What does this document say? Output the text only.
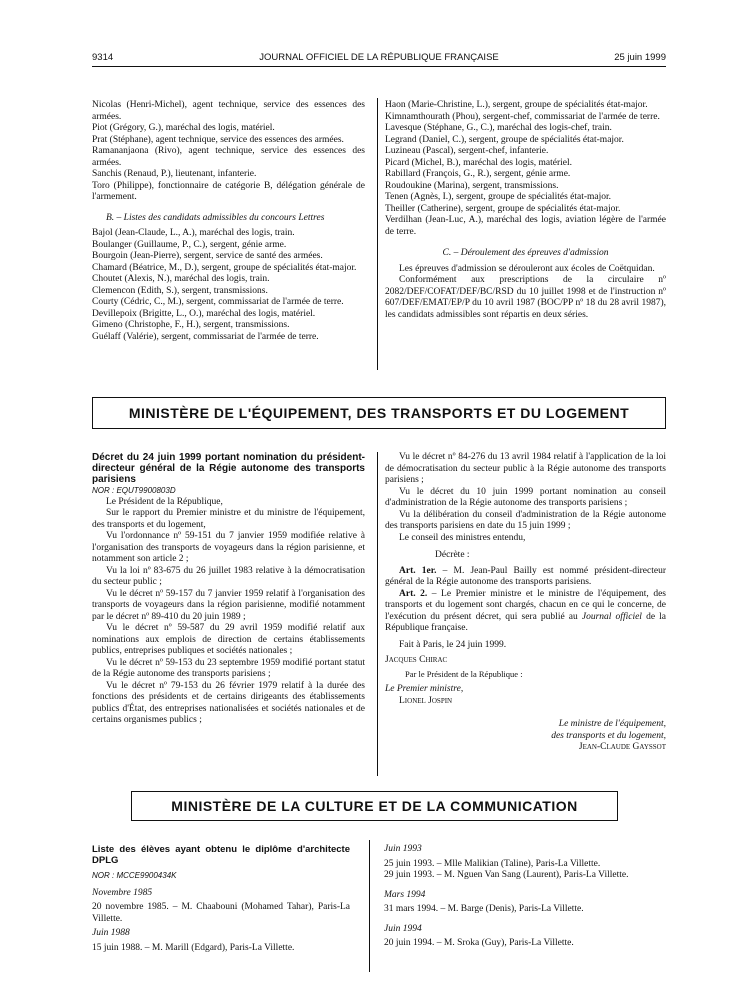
9314	JOURNAL OFFICIEL DE LA RÉPUBLIQUE FRANÇAISE	25 juin 1999

Nicolas (Henri-Michel), agent technique, service des essences des armées.

Piot (Grégory, G.), maréchal des logis, matériel.

Prat (Stéphane), agent technique, service des essences des armées.

Ramananjaona (Rivo), agent technique, service des essences des armées.

Sanchis (Renaud, P.), lieutenant, infanterie.

Toro (Philippe), fonctionnaire de catégorie B, délégation générale de l'armement.

B. – Listes des candidats admissibles du concours Lettres

Bajol (Jean-Claude, L., A.), maréchal des logis, train.

Boulanger (Guillaume, P., C.), sergent, génie arme.

Bourgoin (Jean-Pierre), sergent, service de santé des armées.

Chamard (Béatrice, M., D.), sergent, groupe de spécialités état-major.

Choutet (Alexis, N.), maréchal des logis, train.

Clemencon (Edith, S.), sergent, transmissions.

Courty (Cédric, C., M.), sergent, commissariat de l'armée de terre.

Devillepoix (Brigitte, L., O.), maréchal des logis, matériel.

Gimeno (Christophe, F., H.), sergent, transmissions.

Guélaff (Valérie), sergent, commissariat de l'armée de terre.

Haon (Marie-Christine, L.), sergent, groupe de spécialités état-major.

Kimnamthourath (Phou), sergent-chef, commissariat de l'armée de terre.

Lavesque (Stéphane, G., C.), maréchal des logis-chef, train.

Legrand (Daniel, C.), sergent, groupe de spécialités état-major.

Luzineau (Pascal), sergent-chef, infanterie.

Picard (Michel, B.), maréchal des logis, matériel.

Rabillard (François, G., R.), sergent, génie arme.

Roudoukine (Marina), sergent, transmissions.

Tenen (Agnès, I.), sergent, groupe de spécialités état-major.

Theiller (Catherine), sergent, groupe de spécialités état-major.

Verdilhan (Jean-Luc, A.), maréchal des logis, aviation légère de l'armée de terre.

C. – Déroulement des épreuves d'admission

Les épreuves d'admission se dérouleront aux écoles de Coëtquidan.

Conformément aux prescriptions de la circulaire nº 2082/DEF/COFAT/DEF/BC/RSD du 10 juillet 1998 et de l'instruction nº 607/DEF/EMAT/EP/P du 10 avril 1987 (BOC/PP nº 18 du 28 avril 1987), les candidats admissibles sont répartis en deux séries.

MINISTÈRE DE L'ÉQUIPEMENT, DES TRANSPORTS ET DU LOGEMENT

Décret du 24 juin 1999 portant nomination du président-directeur général de la Régie autonome des transports parisiens

NOR : EQUT9900803D

Le Président de la République,

Sur le rapport du Premier ministre et du ministre de l'équipement, des transports et du logement,

Vu l'ordonnance nº 59-151 du 7 janvier 1959 modifiée relative à l'organisation des transports de voyageurs dans la région parisienne, et notamment son article 2 ;

Vu la loi nº 83-675 du 26 juillet 1983 relative à la démocratisation du secteur public ;

Vu le décret nº 59-157 du 7 janvier 1959 relatif à l'organisation des transports de voyageurs dans la région parisienne, modifié notamment par le décret nº 89-410 du 20 juin 1989 ;

Vu le décret nº 59-587 du 29 avril 1959 modifié relatif aux nominations aux emplois de direction de certains établissements publics, entreprises publiques et sociétés nationales ;

Vu le décret nº 59-153 du 23 septembre 1959 modifié portant statut de la Régie autonome des transports parisiens ;

Vu le décret nº 79-153 du 26 février 1979 relatif à la durée des fonctions des présidents et de certains dirigeants des établissements publics d'État, des entreprises nationalisées et sociétés nationales et de certains organismes publics ;

Vu le décret nº 84-276 du 13 avril 1984 relatif à l'application de la loi de démocratisation du secteur public à la Régie autonome des transports parisiens ;

Vu le décret du 10 juin 1999 portant nomination au conseil d'administration de la Régie autonome des transports parisiens ;

Vu la délibération du conseil d'administration de la Régie autonome des transports parisiens en date du 15 juin 1999 ;

Le conseil des ministres entendu,

Décrète :

Art. 1er. – M. Jean-Paul Bailly est nommé président-directeur général de la Régie autonome des transports parisiens.

Art. 2. – Le Premier ministre et le ministre de l'équipement, des transports et du logement sont chargés, chacun en ce qui le concerne, de l'exécution du présent décret, qui sera publié au Journal officiel de la République française.

Fait à Paris, le 24 juin 1999.

Jacques Chirac

Par le Président de la République :

Le Premier ministre,

Lionel Jospin

Le ministre de l'équipement,

des transports et du logement,

Jean-Claude Gayssot

MINISTÈRE DE LA CULTURE ET DE LA COMMUNICATION

Liste des élèves ayant obtenu le diplôme d'architecte DPLG

NOR : MCCE9900434K

Novembre 1985

20 novembre 1985. – M. Chaabouni (Mohamed Tahar), Paris-La Villette.

Juin 1988

15 juin 1988. – M. Marill (Edgard), Paris-La Villette.

Juin 1993

25 juin 1993. – Mlle Malikian (Taline), Paris-La Villette.

29 juin 1993. – M. Nguen Van Sang (Laurent), Paris-La Villette.

Mars 1994

31 mars 1994. – M. Barge (Denis), Paris-La Villette.

Juin 1994

20 juin 1994. – M. Sroka (Guy), Paris-La Villette.
